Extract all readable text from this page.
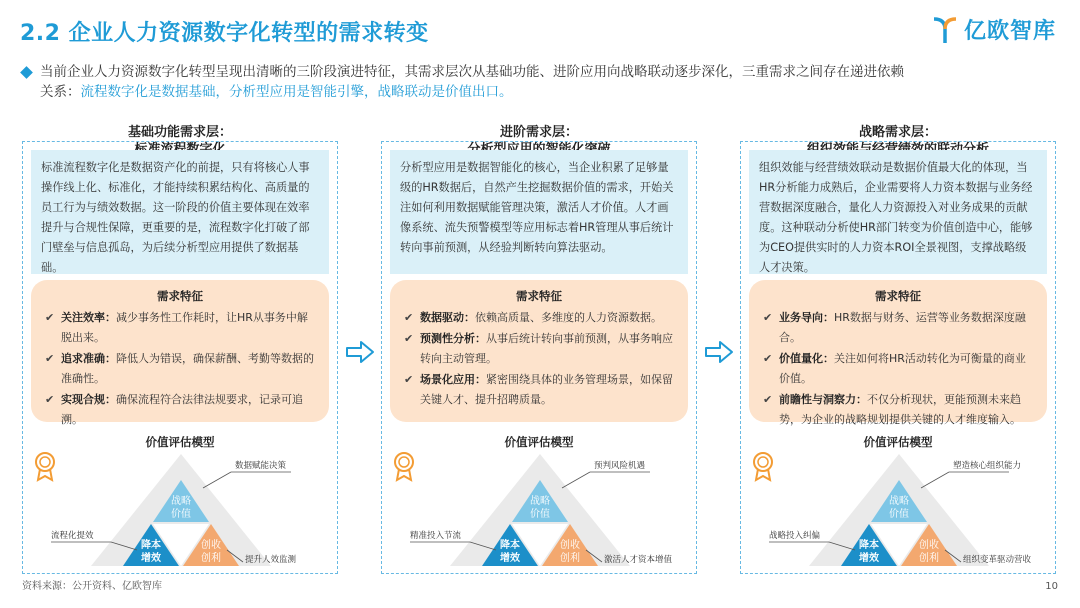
2.2 企业人力资源数字化转型的需求转变	亿欧智库
当前企业人力资源数字化转型呈现出清晰的三阶段演进特征，其需求层次从基础功能、进阶应用向战略联动逐步深化，三重需求之间存在递进依赖
关系：流程数字化是数据基础，分析型应用是智能引擎，战略联动是价值出口。
基础功能需求层：	进阶需求层：	战略需求层：
标准流程数字化是数据资产化的前提，只有将核心人事操作线上化、标准化，才能持续积累结构化、高质量的员工行为与绩效数据。这一阶段的价值主要体现在效率提升与合规性保障，更重要的是，流程数字化打破了部门壁垒与信息孤岛，为后续分析型应用提供了数据基础。
需求特征
✔ 关注效率：减少事务性工作耗时，让HR从事务中解脱出来。
✔ 追求准确：降低人为错误，确保薪酬、考勤等数据的准确性。
✔ 实现合规：确保流程符合法律法规要求，记录可追溯。
价值评估模型
战略
价值
降本
增效
创收
创利
数据赋能决策
流程化提效
提升人效监测
分析型应用是数据智能化的核心，当企业积累了足够量级的HR数据后，自然产生挖掘数据价值的需求，开始关注如何利用数据赋能管理决策，激活人才价值。人才画像系统、流失预警模型等应用标志着HR管理从事后统计转向事前预测，从经验判断转向算法驱动。
需求特征
✔ 数据驱动：依赖高质量、多维度的人力资源数据。
✔ 预测性分析：从事后统计转向事前预测，从事务响应转向主动管理。
✔ 场景化应用：紧密围绕具体的业务管理场景，如保留关键人才、提升招聘质量。
价值评估模型
战略
价值
降本
增效
创收
创利
预判风险机遇
精准投入节流
激活人才资本增值
组织效能与经营绩效联动是数据价值最大化的体现，当HR分析能力成熟后，企业需要将人力资本数据与业务经营数据深度融合，量化人力资源投入对业务成果的贡献度。这种联动分析使HR部门转变为价值创造中心，能够为CEO提供实时的人力资本ROI全景视图，支撑战略级人才决策。
需求特征
✔ 业务导向：HR数据与财务、运营等业务数据深度融合。
✔ 价值量化：关注如何将HR活动转化为可衡量的商业价值。
✔ 前瞻性与洞察力：不仅分析现状，更能预测未来趋势，为企业的战略规划提供关键的人才维度输入。
价值评估模型
战略
价值
降本
增效
创收
创利
塑造核心组织能力
战略投入纠偏
组织变革驱动营收
资料来源：公开资料、亿欧智库	10
